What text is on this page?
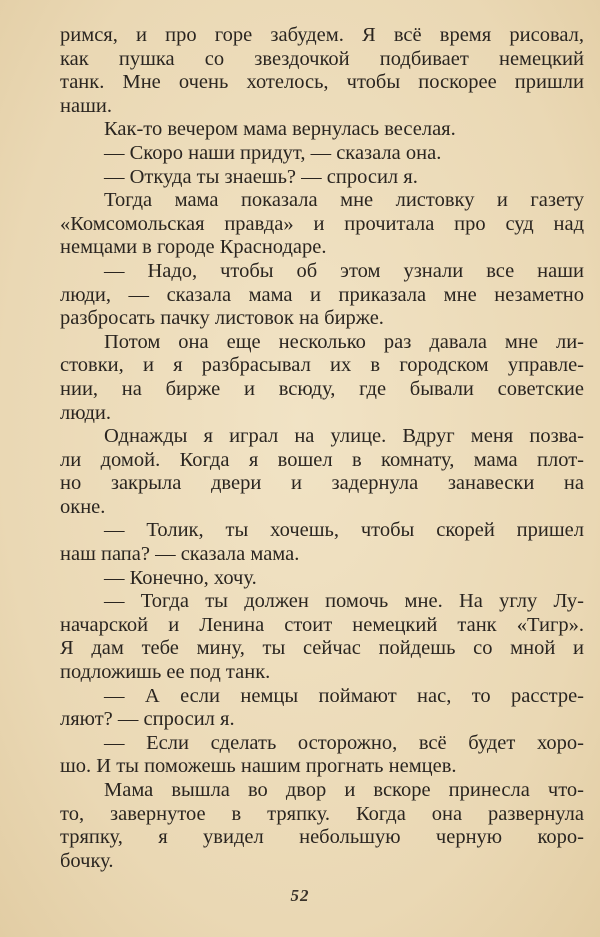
римся, и про горе забудем. Я всё время рисовал,
как пушка со звездочкой подбивает немецкий
танк. Мне очень хотелось, чтобы поскорее пришли
наши.
Как-то вечером мама вернулась веселая.
— Скоро наши придут, — сказала она.
— Откуда ты знаешь? — спросил я.
Тогда мама показала мне листовку и газету
«Комсомольская правда» и прочитала про суд над
немцами в городе Краснодаре.
— Надо, чтобы об этом узнали все наши
люди, — сказала мама и приказала мне незаметно
разбросать пачку листовок на бирже.
Потом она еще несколько раз давала мне ли-
стовки, и я разбрасывал их в городском управле-
нии, на бирже и всюду, где бывали советские
люди.
Однажды я играл на улице. Вдруг меня позва-
ли домой. Когда я вошел в комнату, мама плот-
но закрыла двери и задернула занавески на
окне.
— Толик, ты хочешь, чтобы скорей пришел
наш папа? — сказала мама.
— Конечно, хочу.
— Тогда ты должен помочь мне. На углу Лу-
начарской и Ленина стоит немецкий танк «Тигр».
Я дам тебе мину, ты сейчас пойдешь со мной и
подложишь ее под танк.
— А если немцы поймают нас, то расстре-
ляют? — спросил я.
— Если сделать осторожно, всё будет хоро-
шо. И ты поможешь нашим прогнать немцев.
Мама вышла во двор и вскоре принесла что-
то, завернутое в тряпку. Когда она развернула
тряпку, я увидел небольшую черную коро-
бочку.
52
